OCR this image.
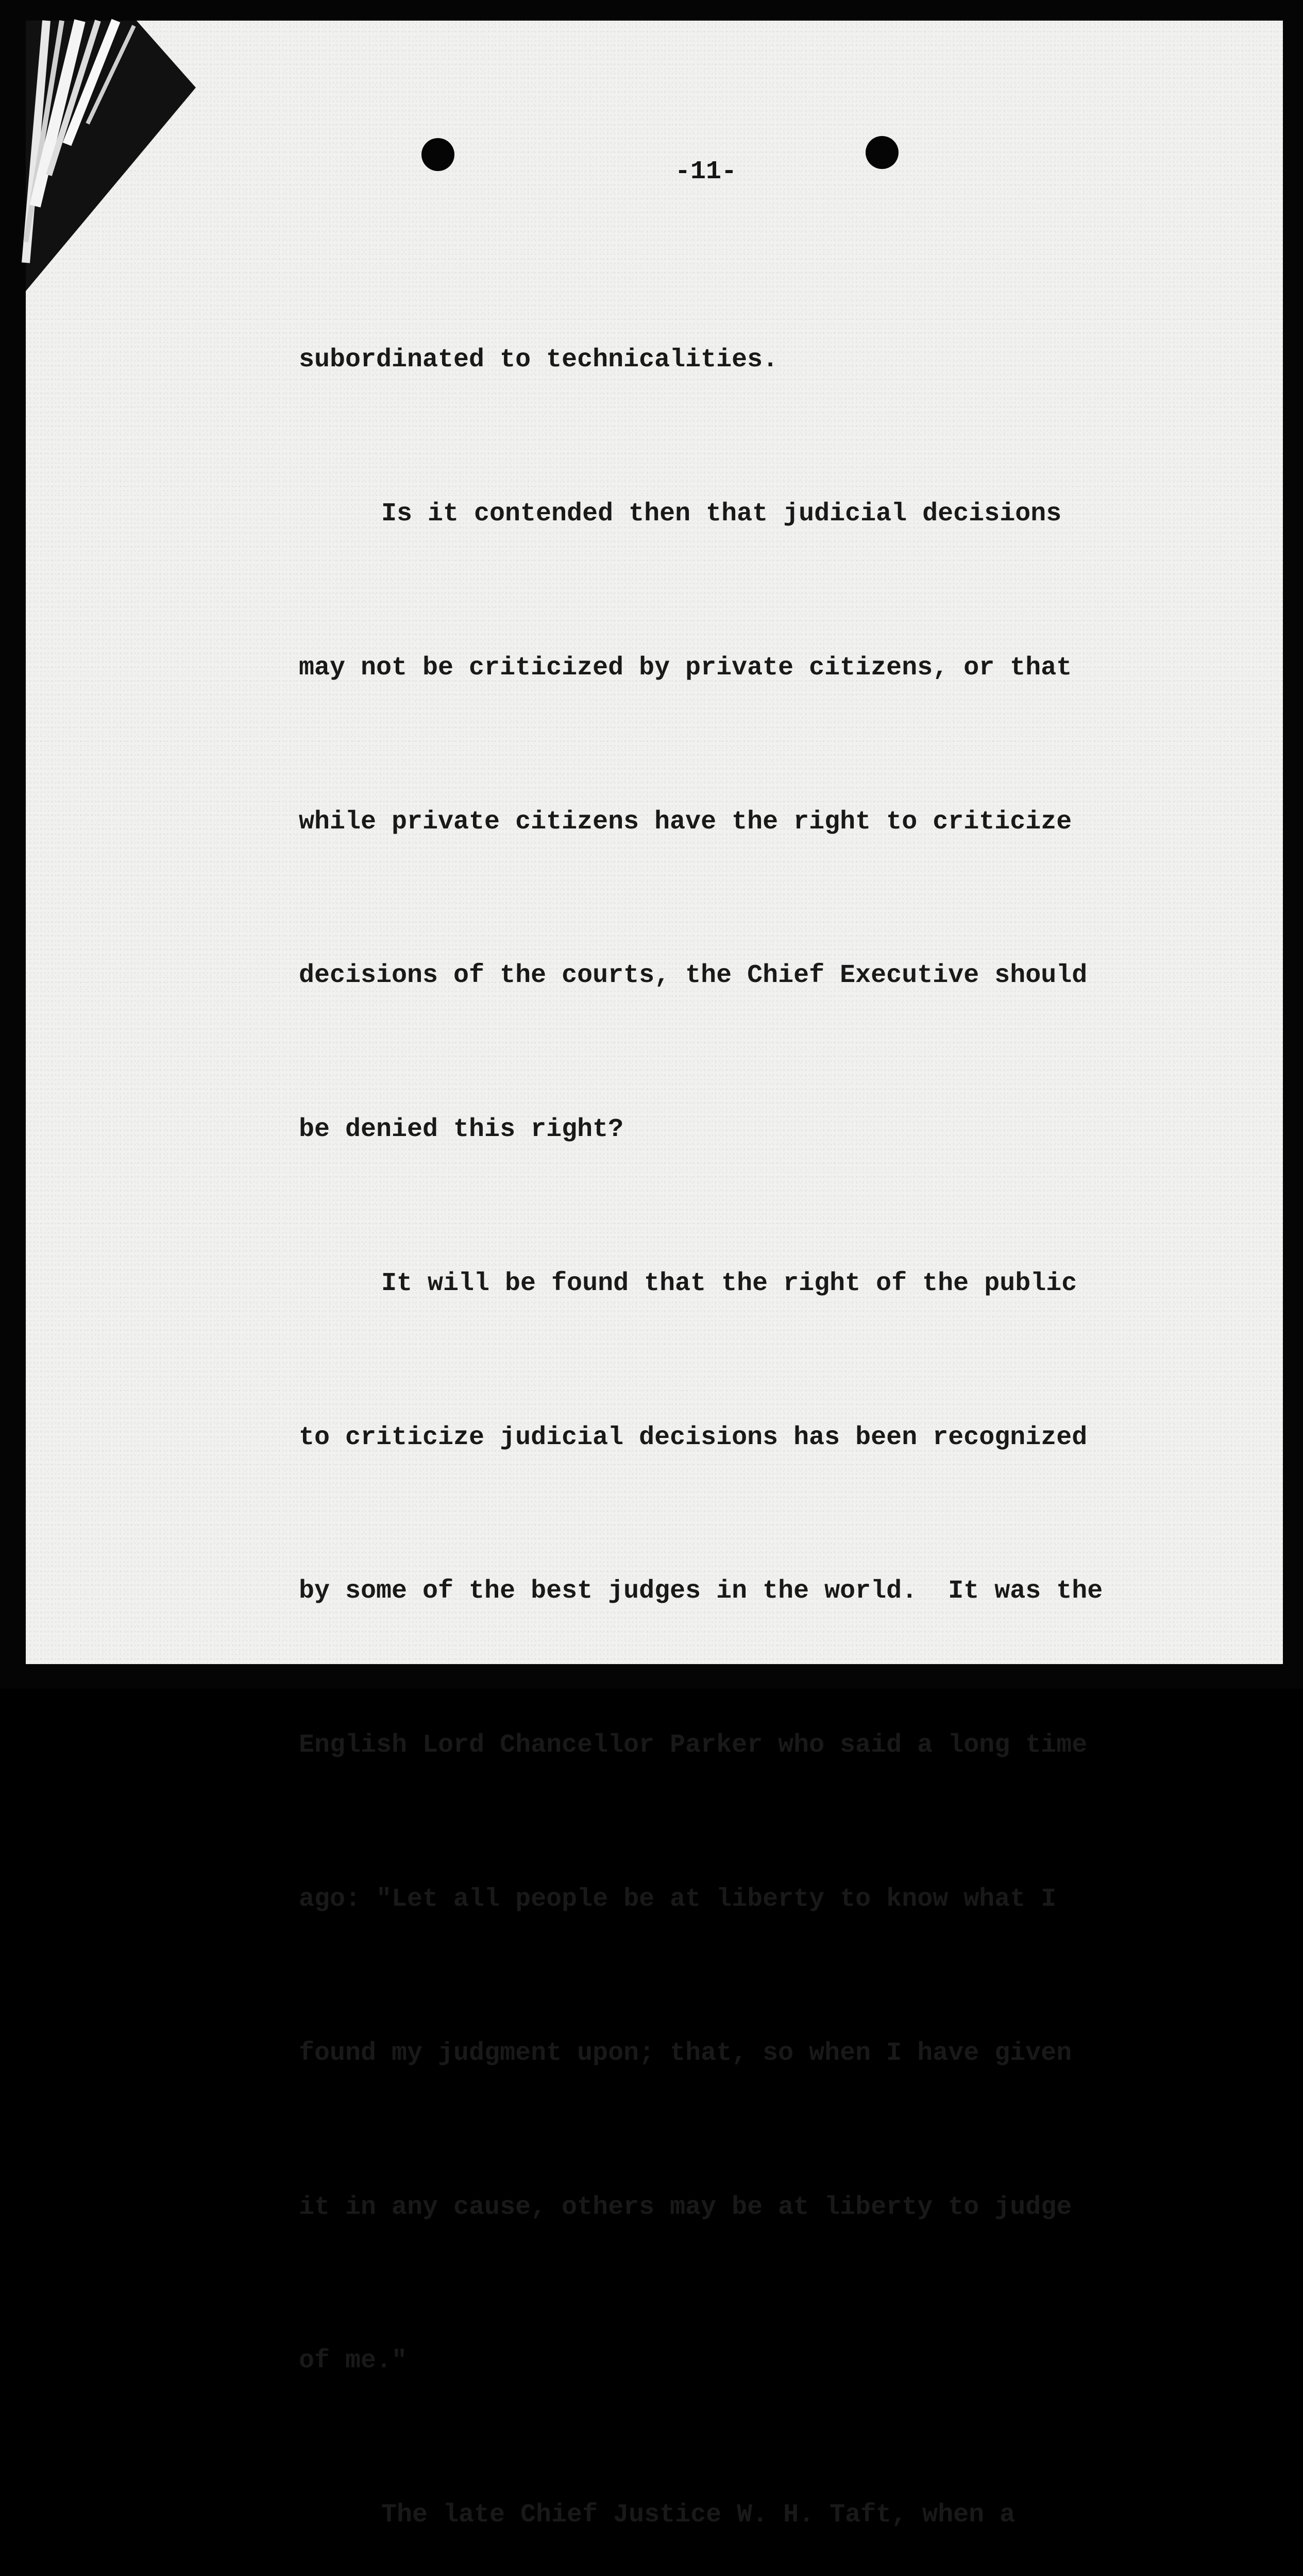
-11-

subordinated to technicalities.

Is it contended then that judicial decisions

may not be criticized by private citizens, or that

while private citizens have the right to criticize

decisions of the courts, the Chief Executive should

be denied this right?

It will be found that the right of the public

to criticize judicial decisions has been recognized

by some of the best judges in the world.  It was the

English Lord Chancellor Parker who said a long time

ago: "Let all people be at liberty to know what I

found my judgment upon; that, so when I have given

it in any cause, others may be at liberty to judge

of me."

The late Chief Justice W. H. Taft, when a
